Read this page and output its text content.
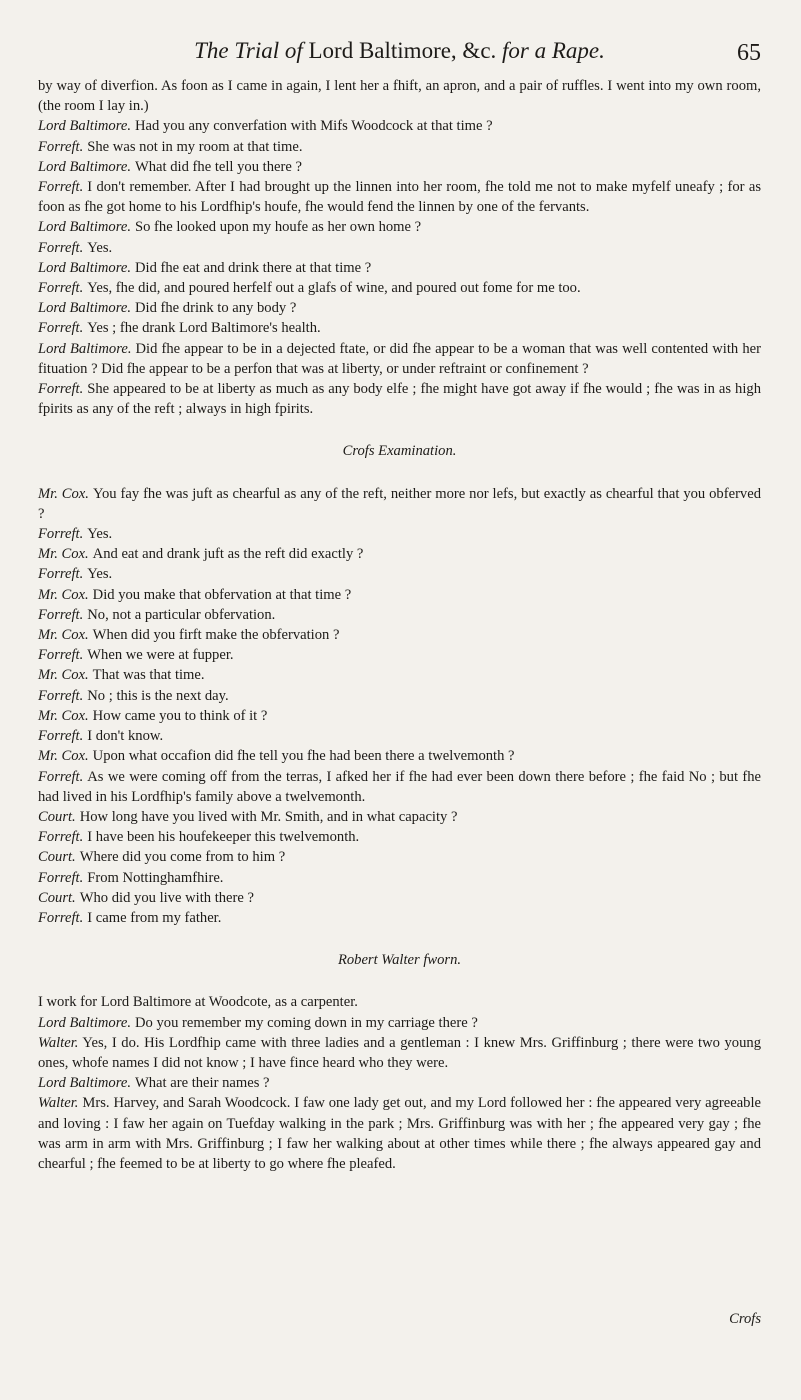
The Trial of Lord Baltimore, &c. for a Rape.	65

by way of diverfion. As foon as I came in again, I lent her a fhift, an apron, and a pair of ruffles. I went into my own room, (the room I lay in.)

Lord Baltimore. Had you any converfation with Mifs Woodcock at that time ?

Forreft. She was not in my room at that time.

Lord Baltimore. What did fhe tell you there ?

Forreft. I don't remember. After I had brought up the linnen into her room, fhe told me not to make myfelf uneafy ; for as foon as fhe got home to his Lordfhip's houfe, fhe would fend the linnen by one of the fervants.

Lord Baltimore. So fhe looked upon my houfe as her own home ?

Forreft. Yes.

Lord Baltimore. Did fhe eat and drink there at that time ?

Forreft. Yes, fhe did, and poured herfelf out a glafs of wine, and poured out fome for me too.

Lord Baltimore. Did fhe drink to any body ?

Forreft. Yes ; fhe drank Lord Baltimore's health.

Lord Baltimore. Did fhe appear to be in a dejected ftate, or did fhe appear to be a woman that was well contented with her fituation ? Did fhe appear to be a perfon that was at liberty, or under reftraint or confinement ?

Forreft. She appeared to be at liberty as much as any body elfe ; fhe might have got away if fhe would ; fhe was in as high fpirits as any of the reft ; always in high fpirits.

Crofs Examination.

Mr. Cox. You fay fhe was juft as chearful as any of the reft, neither more nor lefs, but exactly as chearful that you obferved ?

Forreft. Yes.

Mr. Cox. And eat and drank juft as the reft did exactly ?

Forreft. Yes.

Mr. Cox. Did you make that obfervation at that time ?

Forreft. No, not a particular obfervation.

Mr. Cox. When did you firft make the obfervation ?

Forreft. When we were at fupper.

Mr. Cox. That was that time.

Forreft. No ; this is the next day.

Mr. Cox. How came you to think of it ?

Forreft. I don't know.

Mr. Cox. Upon what occafion did fhe tell you fhe had been there a twelvemonth ?

Forreft. As we were coming off from the terras, I afked her if fhe had ever been down there before ; fhe faid No ; but fhe had lived in his Lordfhip's family above a twelvemonth.

Court. How long have you lived with Mr. Smith, and in what capacity ?

Forreft. I have been his houfekeeper this twelvemonth.

Court. Where did you come from to him ?

Forreft. From Nottinghamfhire.

Court. Who did you live with there ?

Forreft. I came from my father.

Robert Walter fworn.

I work for Lord Baltimore at Woodcote, as a carpenter.

Lord Baltimore. Do you remember my coming down in my carriage there ?

Walter. Yes, I do. His Lordfhip came with three ladies and a gentleman : I knew Mrs. Griffinburg ; there were two young ones, whofe names I did not know ; I have fince heard who they were.

Lord Baltimore. What are their names ?

Walter. Mrs. Harvey, and Sarah Woodcock. I faw one lady get out, and my Lord followed her : fhe appeared very agreeable and loving : I faw her again on Tuefday walking in the park ; Mrs. Griffinburg was with her ; fhe appeared very gay ; fhe was arm in arm with Mrs. Griffinburg ; I faw her walking about at other times while there ; fhe always appeared gay and chearful ; fhe feemed to be at liberty to go where fhe pleafed.

Crofs
